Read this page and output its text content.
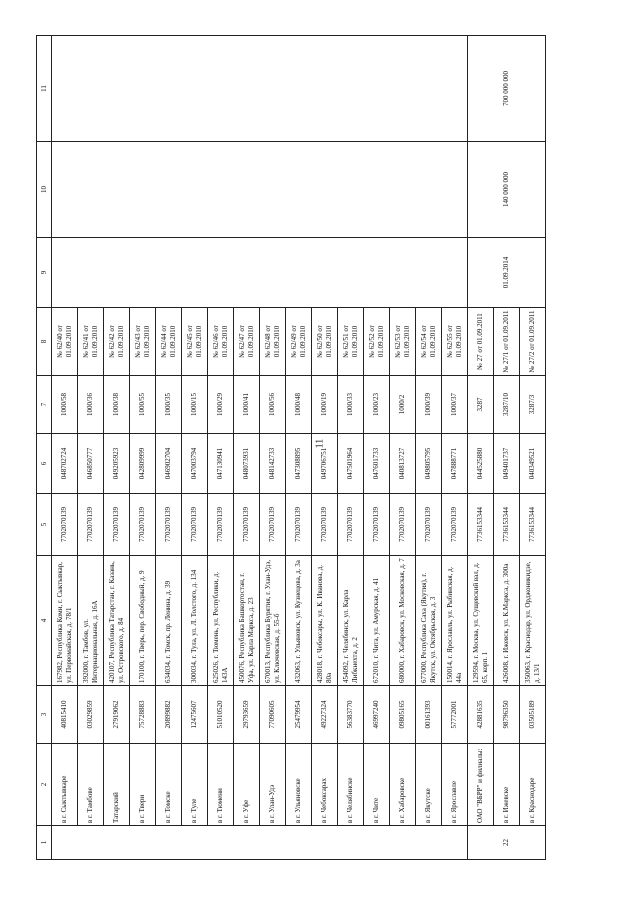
11
1	2	3	4	5	6	7	8	9	10	11
	в г. Сыктывкаре	40815410	167982, Республика Коми, г. Сыктывкар, ул. Первомайская, д. 78/1	7702070139	048702724	1000/58	№ 62/40 от 01.09.2010			
	в г. Тамбове	03029859	392000, г. Тамбов, ул. Интернациональная, д. 16А	7702070139	046850777	1000/36	№ 62/41 от 01.09.2010			
	Татарский	27919062	420107, Республика Татарстан, г. Казань, ул. Островского, д. 84	7702070139	049205923	1000/38	№ 62/42 от 01.09.2010			
	в г. Твери	75728883	170100, г. Тверь, пер. Свободный, д. 9	7702070139	042809999	1000/55	№ 62/43 от 01.09.2010			
	в г. Томске	20899882	634034, г. Томск, пр. Ленина, д. 39	7702070139	046902704	1000/35	№ 62/44 от 01.09.2010			
	в г. Туле	12475607	300034, г. Тула, ул. Л. Толстого, д. 134	7702070139	047003794	1000/15	№ 62/45 от 01.09.2010			
	в г. Тюмени	51010520	625026, г. Тюмень, ул. Республики, д. 143А	7702070139	047130941	1000/29	№ 62/46 от 01.09.2010			
	в г. Уфе	29793659	450076, Республика Башкортостан, г. Уфа, ул. Карла Маркса, д. 23	7702070139	048073931	1000/41	№ 62/47 от 01.09.2010			
	в г. Улан-Удэ	77090605	670013, Республика Бурятия, г. Улан-Удэ, ул. Ключевская, д. 55-б	7702070139	048142733	1000/56	№ 62/48 от 01.09.2010			
	в г. Ульяновске	25479954	432063, г. Ульяновск, ул. Кузнецова, д. 3а	7702070139	047308895	1000/48	№ 62/49 от 01.09.2010			
	в г. Чебоксарах	49227324	428018, г. Чебоксары, ул. К. Иванова, д. 80а	7702070139	049706751	1000/19	№ 62/50 от 01.09.2010			
	в г. Челябинске	56383770	454092, г. Челябинск, ул. Карла Либкнехта, д. 2	7702070139	047501964	1000/33	№ 62/51 от 01.09.2010			
	в г. Чите	46997240	672010, г. Чита, ул. Амурская, д. 41	7702070139	047601733	1000/23	№ 62/52 от 01.09.2010			
	в г. Хабаровске	09805165	680000, г. Хабаровск, ул. Московская, д. 7	7702070139	040813727	1000/2	№ 62/53 от 01.09.2010			
	в г. Якутске	00161393	677000, Республика Саха (Якутия), г. Якутск, ул. Октябрьская, д. 3	7702070139	049805795	1000/39	№ 62/54 от 01.09.2010			
	в г. Ярославле	57772001	150014, г. Ярославль, ул. Рыбинская, д. 44а	7702070139	047888771	1000/37	№ 62/55 от 01.09.2010			
22	ОАО "ВБРР" и филиалы:	42881635	129594, г. Москва, ул. Сущевский вал, д. 65, корп. 1	7736153344	044525880	3287	№ 27 от 01.09.2011	01.09.2014	140 000 000	700 000 000
	в г. Ижевске	98796350	426008, г. Ижевск, ул. К.Маркса, д. 300а	7736153344	049401737	3287/10	№ 27/1 от 01.09.2011			
	в г. Краснодаре	03505189	350063, г. Краснодар, ул. Орджоникидзе, д. 13/1	7736153344	040349521	3287/3	№ 27/2 от 01.09.2011			
